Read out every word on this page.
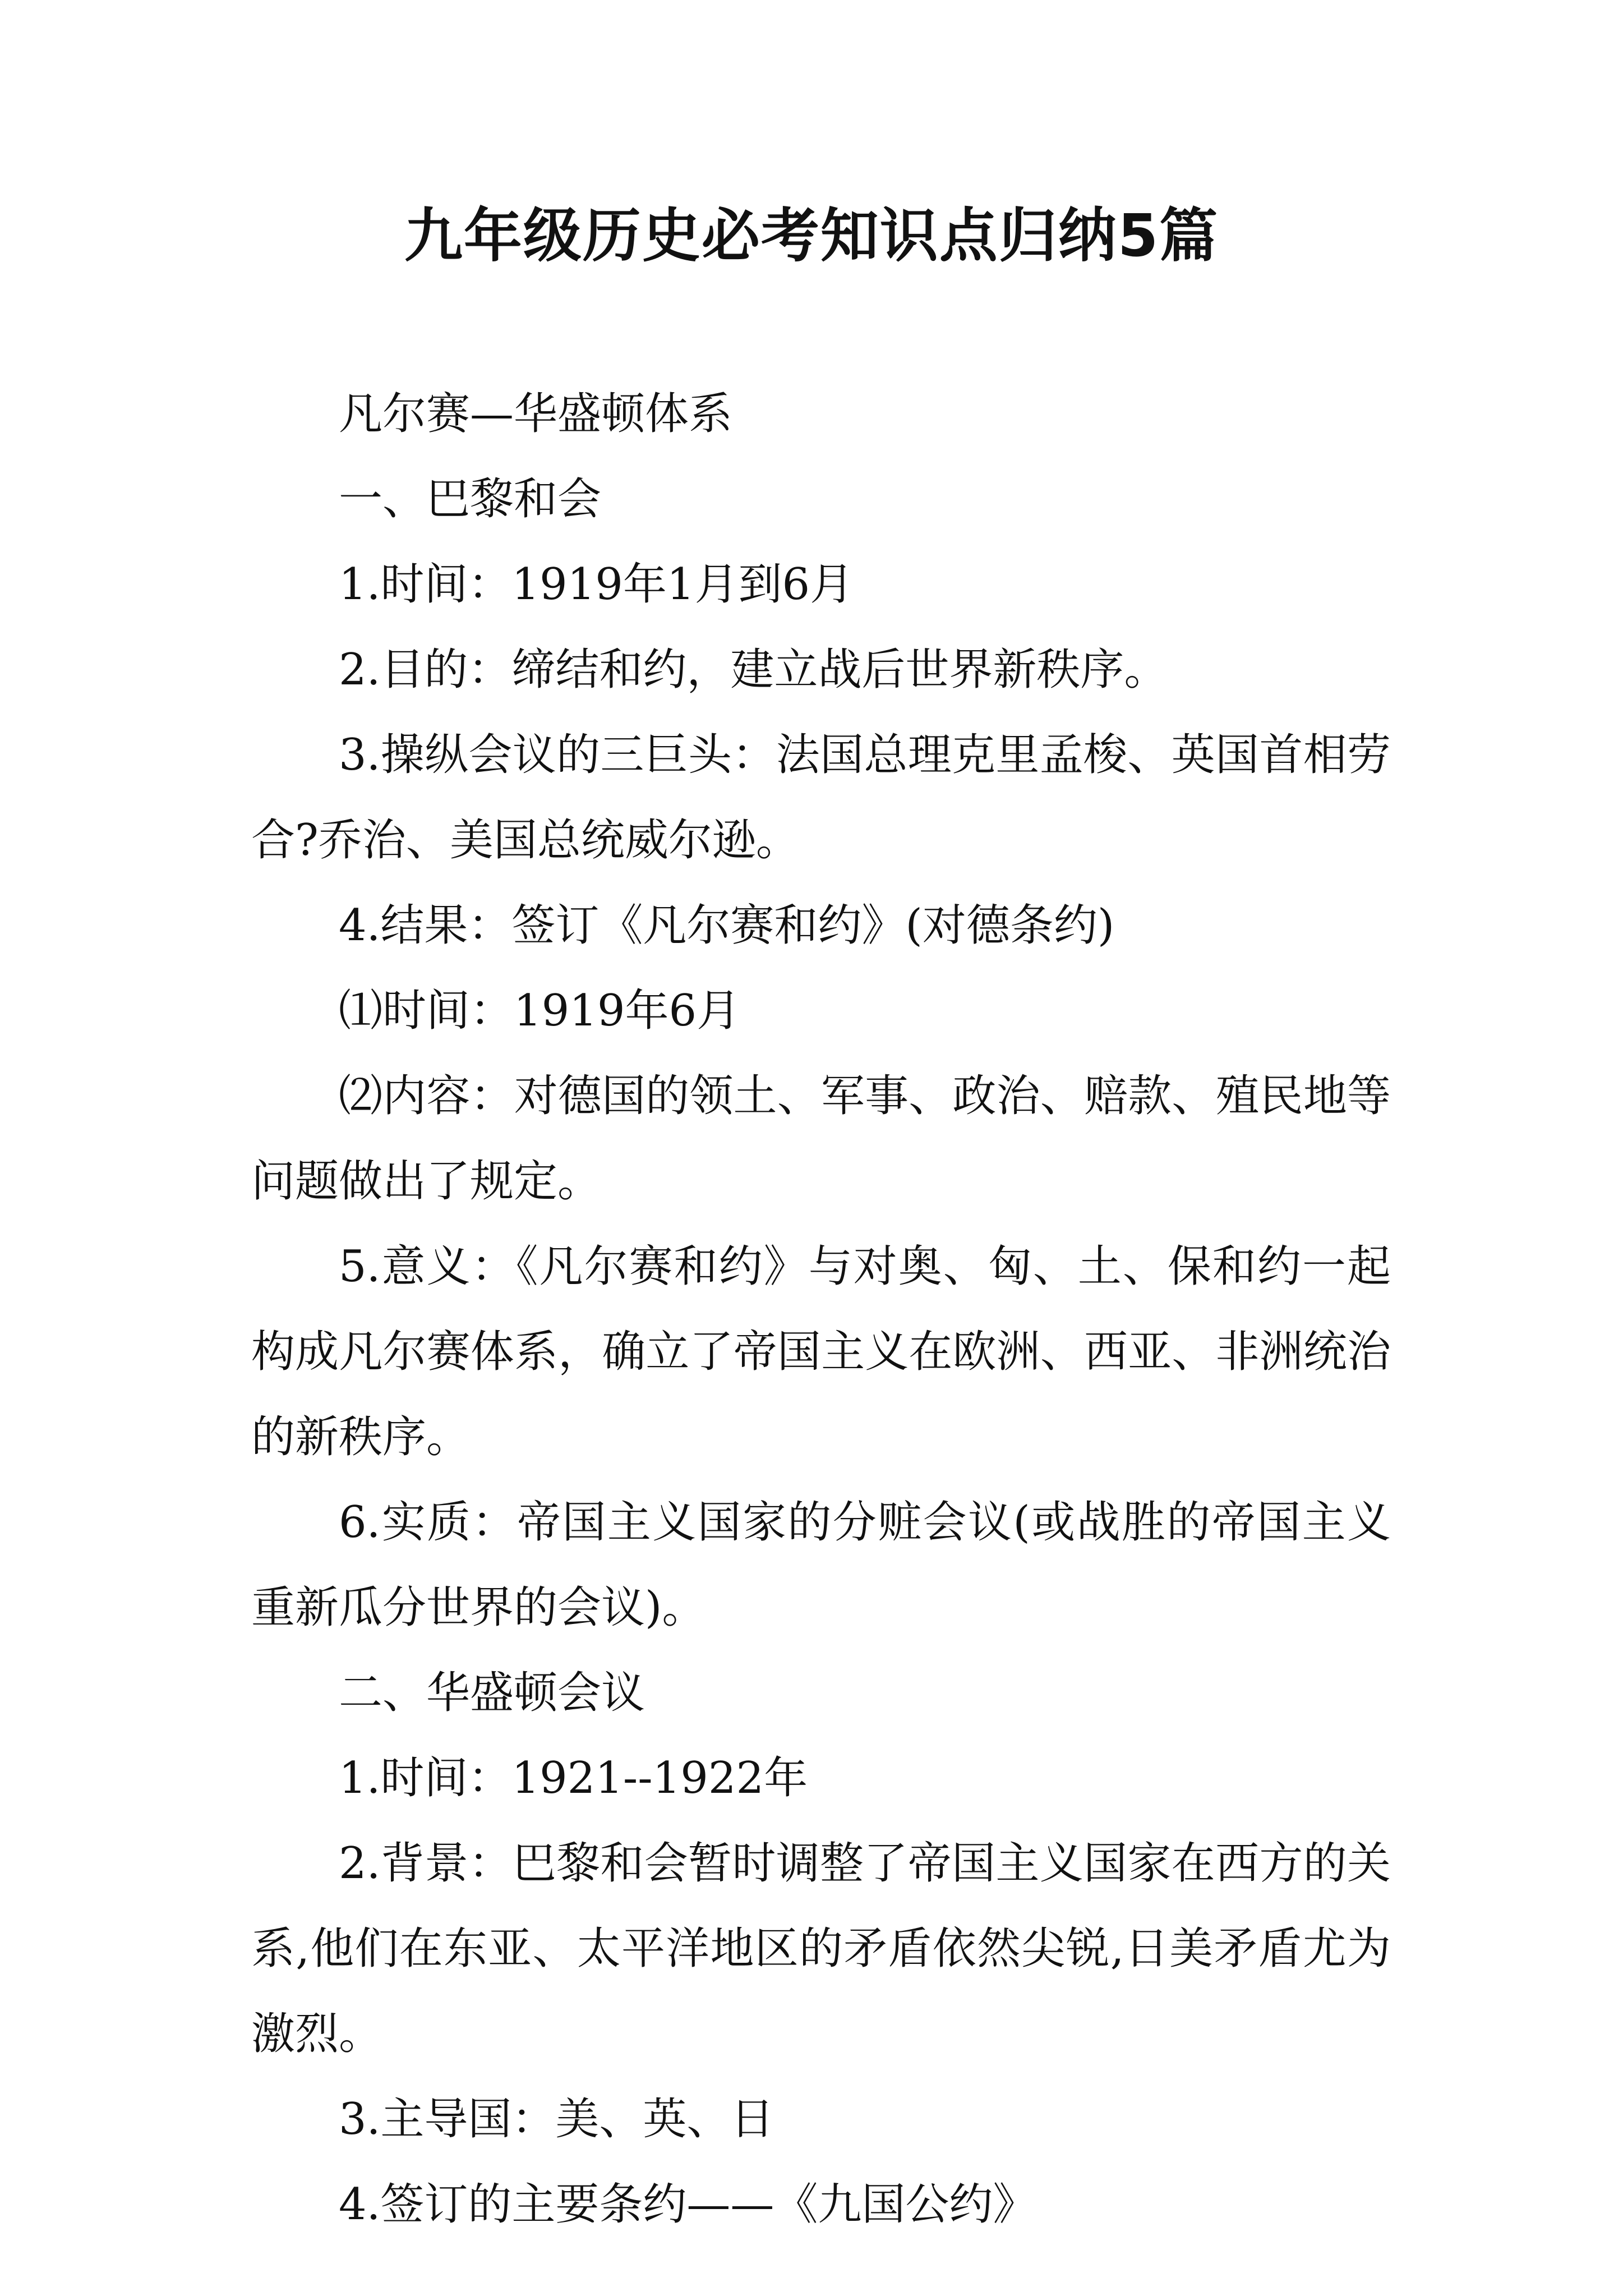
九年级历史必考知识点归纳5篇

凡尔赛—华盛顿体系

一、巴黎和会

1.时间：1919年1月到6月

2.目的：缔结和约，建立战后世界新秩序。

3.操纵会议的三巨头：法国总理克里孟梭、英国首相劳合?乔治、美国总统威尔逊。

4.结果：签订《凡尔赛和约》(对德条约)

⑴时间：1919年6月

⑵内容：对德国的领土、军事、政治、赔款、殖民地等问题做出了规定。

5.意义：《凡尔赛和约》与对奥、匈、土、保和约一起构成凡尔赛体系，确立了帝国主义在欧洲、西亚、非洲统治的新秩序。

6.实质：帝国主义国家的分赃会议(或战胜的帝国主义重新瓜分世界的会议)。

二、华盛顿会议

1.时间：1921--1922年

2.背景：巴黎和会暂时调整了帝国主义国家在西方的关系,他们在东亚、太平洋地区的矛盾依然尖锐,日美矛盾尤为激烈。

3.主导国：美、英、日

4.签订的主要条约——《九国公约》
